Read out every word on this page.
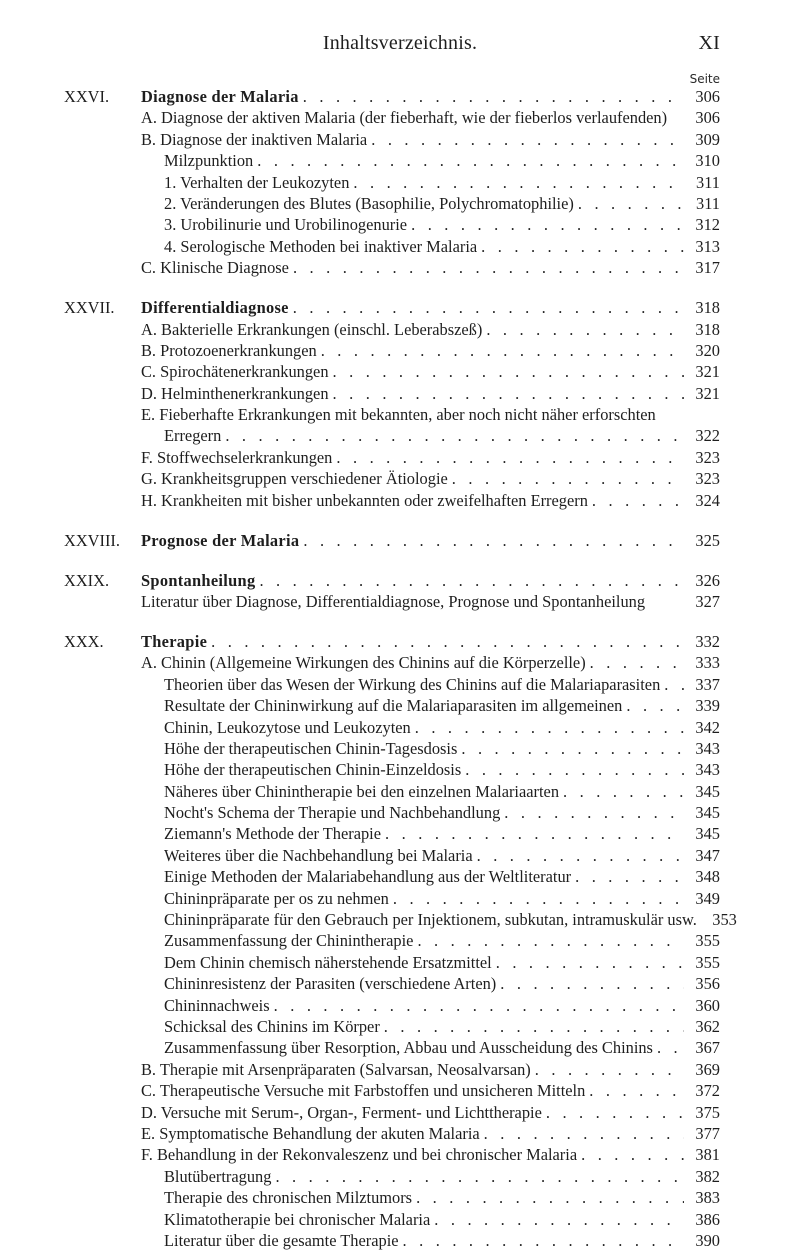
Inhaltsverzeichnis.	XI
Seite
XXVI.	Diagnose der Malaria . . .	306
A. Diagnose der aktiven Malaria (der fieberhaft, wie der fieberlos verlaufenden)	306
B. Diagnose der inaktiven Malaria . . .	309
Milzpunktion . . .	310
1. Verhalten der Leukozyten . . .	311
2. Veränderungen des Blutes (Basophilie, Polychromatophilie) . . .	311
3. Urobilinurie und Urobilinogenurie . . .	312
4. Serologische Methoden bei inaktiver Malaria . . .	313
C. Klinische Diagnose . . .	317
XXVII.	Differentialdiagnose . . .	318
A. Bakterielle Erkrankungen (einschl. Leberabszeß) . . .	318
B. Protozoenerkrankungen . . .	320
C. Spirochätenerkrankungen . . .	321
D. Helminthenerkrankungen . . .	321
E. Fieberhafte Erkrankungen mit bekannten, aber noch nicht näher erforschten
Erregern . . .	322
F. Stoffwechselerkrankungen . . .	323
G. Krankheitsgruppen verschiedener Ätiologie . . .	323
H. Krankheiten mit bisher unbekannten oder zweifelhaften Erregern . . .	324
XXVIII.	Prognose der Malaria . . .	325
XXIX.	Spontanheilung . . .	326
Literatur über Diagnose, Differentialdiagnose, Prognose und Spontanheilung	327
XXX.	Therapie . . .	332
A. Chinin (Allgemeine Wirkungen des Chinins auf die Körperzelle) . . .	333
Theorien über das Wesen der Wirkung des Chinins auf die Malariaparasiten . . .	337
Resultate der Chininwirkung auf die Malariaparasiten im allgemeinen . . .	339
Chinin, Leukozytose und Leukozyten . . .	342
Höhe der therapeutischen Chinin-Tagesdosis . . .	343
Höhe der therapeutischen Chinin-Einzeldosis . . .	343
Näheres über Chinintherapie bei den einzelnen Malariaarten . . .	345
Nocht's Schema der Therapie und Nachbehandlung . . .	345
Ziemann's Methode der Therapie . . .	345
Weiteres über die Nachbehandlung bei Malaria . . .	347
Einige Methoden der Malariabehandlung aus der Weltliteratur . . .	348
Chininpräparate per os zu nehmen . . .	349
Chininpräparate für den Gebrauch per Injektionem, subkutan, intramuskulär usw. 353
Zusammenfassung der Chinintherapie . . .	355
Dem Chinin chemisch näherstehende Ersatzmittel . . .	355
Chininresistenz der Parasiten (verschiedene Arten) . . .	356
Chininnachweis . . .	360
Schicksal des Chinins im Körper . . .	362
Zusammenfassung über Resorption, Abbau und Ausscheidung des Chinins . . .	367
B. Therapie mit Arsenpräparaten (Salvarsan, Neosalvarsan) . . .	369
C. Therapeutische Versuche mit Farbstoffen und unsicheren Mitteln . . .	372
D. Versuche mit Serum-, Organ-, Ferment- und Lichttherapie . . .	375
E. Symptomatische Behandlung der akuten Malaria . . .	377
F. Behandlung in der Rekonvaleszenz und bei chronischer Malaria . . .	381
Blutübertragung . . .	382
Therapie des chronischen Milztumors . . .	383
Klimatotherapie bei chronischer Malaria . . .	386
Literatur über die gesamte Therapie . . .	390
